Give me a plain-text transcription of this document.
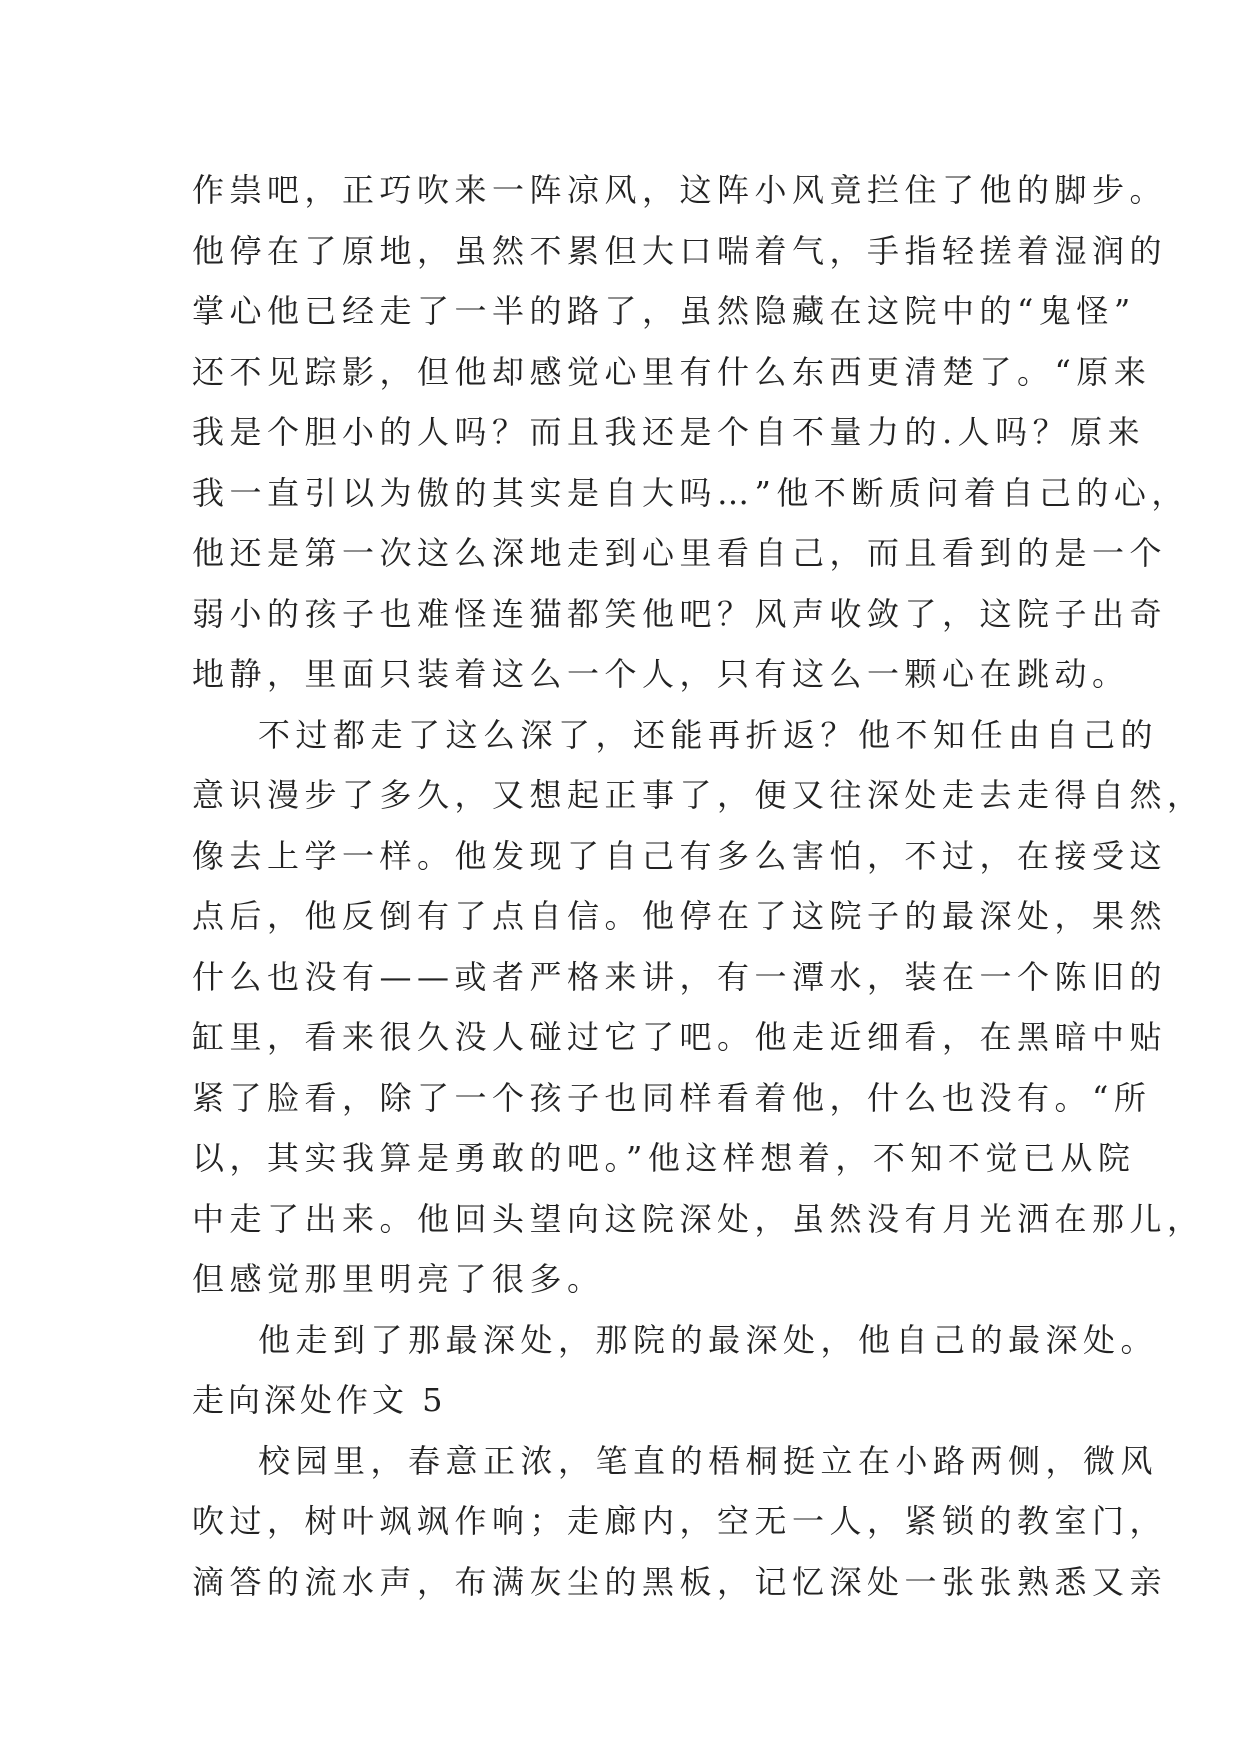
作祟吧，正巧吹来一阵凉风，这阵小风竟拦住了他的脚步。
他停在了原地，虽然不累但大口喘着气，手指轻搓着湿润的
掌心他已经走了一半的路了，虽然隐藏在这院中的“鬼怪”
还不见踪影，但他却感觉心里有什么东西更清楚了。“原来
我是个胆小的人吗？而且我还是个自不量力的.人吗？原来
我一直引以为傲的其实是自大吗…”他不断质问着自己的心，
他还是第一次这么深地走到心里看自己，而且看到的是一个
弱小的孩子也难怪连猫都笑他吧？风声收敛了，这院子出奇
地静，里面只装着这么一个人，只有这么一颗心在跳动。
不过都走了这么深了，还能再折返？他不知任由自己的
意识漫步了多久，又想起正事了，便又往深处走去走得自然，
像去上学一样。他发现了自己有多么害怕，不过，在接受这
点后，他反倒有了点自信。他停在了这院子的最深处，果然
什么也没有——或者严格来讲，有一潭水，装在一个陈旧的
缸里，看来很久没人碰过它了吧。他走近细看，在黑暗中贴
紧了脸看，除了一个孩子也同样看着他，什么也没有。“所
以，其实我算是勇敢的吧。”他这样想着，不知不觉已从院
中走了出来。他回头望向这院深处，虽然没有月光洒在那儿，
但感觉那里明亮了很多。
他走到了那最深处，那院的最深处，他自己的最深处。
走向深处作文 5
校园里，春意正浓，笔直的梧桐挺立在小路两侧，微风
吹过，树叶飒飒作响；走廊内，空无一人，紧锁的教室门，
滴答的流水声，布满灰尘的黑板，记忆深处一张张熟悉又亲
